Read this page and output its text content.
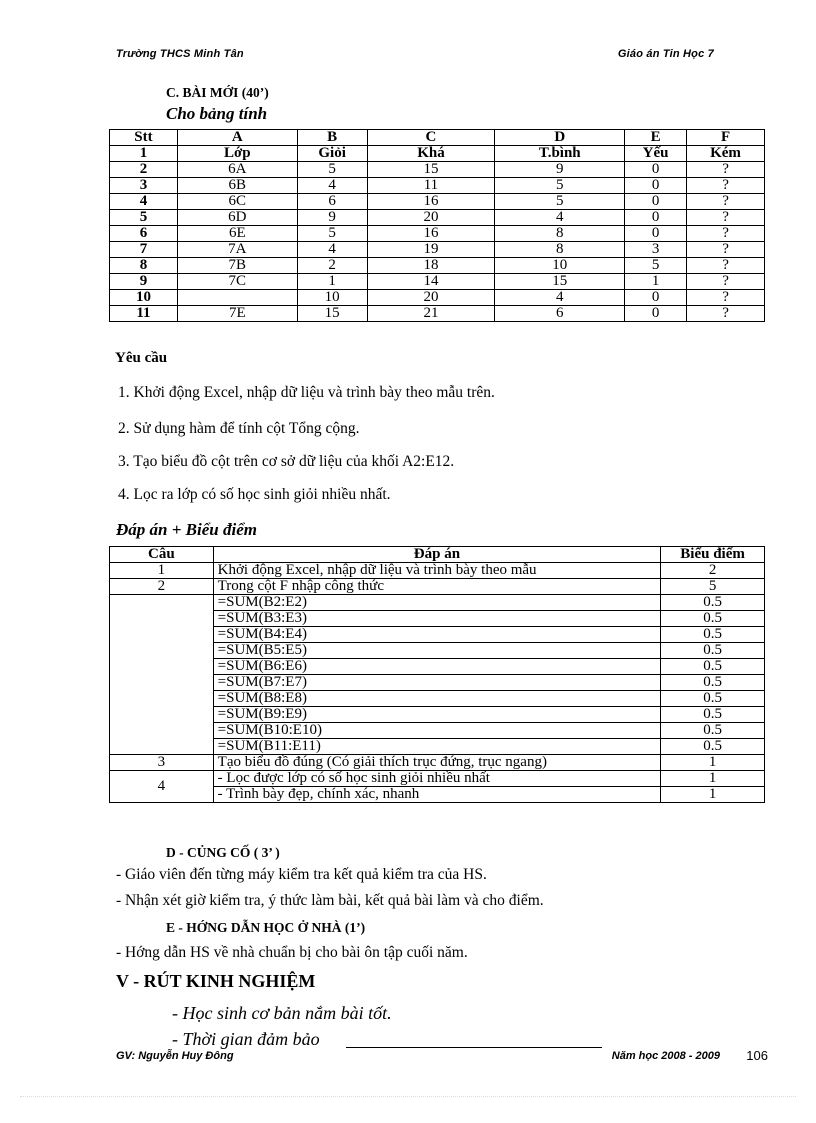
Trường THCS Minh Tân	Giáo án Tin Học 7
C. BÀI MỚI (40’)
Cho bảng tính
Stt	A	B	C	D	E	F
1	Lớp	Giỏi	Khá	T.bình	Yếu	Kém
2	6A	5	15	9	0	?
3	6B	4	11	5	0	?
4	6C	6	16	5	0	?
5	6D	9	20	4	0	?
6	6E	5	16	8	0	?
7	7A	4	19	8	3	?
8	7B	2	18	10	5	?
9	7C	1	14	15	1	?
10		10	20	4	0	?
11	7E	15	21	6	0	?
Yêu cầu
1. Khởi động Excel, nhập dữ liệu và trình bày theo mẫu trên.
2. Sử dụng hàm để tính cột Tổng cộng.
3. Tạo biểu đồ cột trên cơ sở dữ liệu của khối A2:E12.
4. Lọc ra lớp có số học sinh giỏi nhiều nhất.
Đáp án + Biểu điểm
Câu	Đáp án	Biểu điểm
1	Khởi động Excel, nhập dữ liệu và trình bày theo mẫu	2
2	Trong cột F nhập công thức	5
	=SUM(B2:E2)	0.5
	=SUM(B3:E3)	0.5
	=SUM(B4:E4)	0.5
	=SUM(B5:E5)	0.5
	=SUM(B6:E6)	0.5
	=SUM(B7:E7)	0.5
	=SUM(B8:E8)	0.5
	=SUM(B9:E9)	0.5
	=SUM(B10:E10)	0.5
	=SUM(B11:E11)	0.5
3	Tạo biểu đồ đúng (Có giải thích trục đứng, trục ngang)	1
4	- Lọc được lớp có số học sinh giỏi nhiều nhất	1
	- Trình bày đẹp, chính xác, nhanh	1
D - CỦNG CỐ ( 3’ )
- Giáo viên đến từng máy kiểm tra kết quả kiểm tra của HS.
- Nhận xét giờ kiểm tra, ý thức làm bài, kết quả bài làm và cho điểm.
E - HỚNG DẪN HỌC Ở NHÀ (1’)
- Hớng dẫn HS về nhà chuẩn bị cho bài ôn tập cuối năm.
V - RÚT KINH NGHIỆM
- Học sinh cơ bản nắm bài tốt.
- Thời gian đảm bảo
GV: Nguyễn Huy Đông	Năm học 2008 - 2009 106
